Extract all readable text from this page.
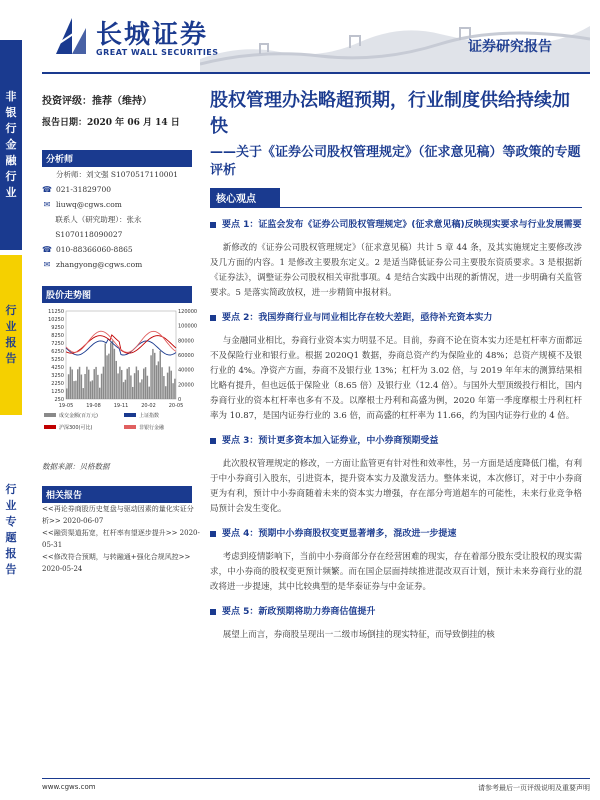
长城证券
GREAT WALL SECURITIES	证券研究报告
非
银
行
金
融
行
业
行
业
报
告
行
业
专
题
报
告
投资评级：推荐（维持）
报告日期：2020 年 06 月 14 日
分析师
分析师：刘文强 S1070517110001
☎ 021-31829700
✉ liuwq@cgws.com
联系人（研究助理）：张永 S1070118090027
☎ 010-88366060-8865
✉ zhangyong@cgws.com
股价走势图
11250
10250
9250
8250
7250
6250
5250
4250
3250
2250
1250
250
120000
100000
80000
60000
40000
20000
0
19-05	19-08	19-11	20-02	20-05
成交金额(百万元)	上证指数
沪深300(可比)	非银行金融
数据来源：贝格数据
相关报告

<<再论券商股历史复盘与驱动因素的量化实证分析>> 2020-06-07

<<融资渠道拓宽，杠杆率有望逐步提升>> 2020-05-31

<<修改符合预期，与转融通+强化合规风控>> 2020-05-24

股权管理办法略超预期，行业制度供给持续加快
——关于《证券公司股权管理规定》（征求意见稿）等政策的专题评析
核心观点
要点 1：证监会发布《证券公司股权管理规定》(征求意见稿)反映现实要求与行业发展需要
新修改的《证券公司股权管理规定》（征求意见稿）共计 5 章 44 条，及其实施规定主要修改涉及几方面的内容。1 是修改主要股东定义。2 是适当降低证券公司主要股东资质要求。3 是根据新《证券法》，调整证券公司股权相关审批事项。4 是结合实践中出现的新情况，进一步明确有关监管要求。5 是落实简政放权，进一步精简申报材料。
要点 2：我国券商行业与同业相比存在较大差距，亟待补充资本实力
与金融同业相比，券商行业资本实力明显不足。目前，券商不论在资本实力还是杠杆率方面都远不及保险行业和银行业。根据 2020Q1 数据，券商总资产约为保险业的 48%；总资产规模不及银行业的 4%。净资产方面，券商不及银行业 13%；杠杆为 3.02 倍，与 2019 年年末的测算结果相比略有提升，但也远低于保险业（8.65 倍）及银行业（12.4 倍）。与国外大型顶级投行相比，国内券商行业的资本杠杆率也多有不及。以摩根士丹利和高盛为例，2020 年第一季度摩根士丹利杠杆率为 10.87，是国内证券行业的 3.6 倍，而高盛的杠杆率为 11.66，约为国内证券行业的 4 倍。
要点 3：预计更多资本加入证券业，中小券商预期受益
此次股权管理规定的修改，一方面让监管更有针对性和效率性，另一方面是适度降低门槛，有利于中小券商引入股东，引进资本，提升资本实力及激发活力。整体来说，本次修订，对于中小券商更为有利，预计中小券商随着未来的资本实力增强，存在部分弯道超车的可能性，未来行业竞争格局预计会发生变化。
要点 4：预期中小券商股权变更显著增多，混改进一步提速
考虑到疫情影响下，当前中小券商部分存在经营困难的现实，存在着部分股东受让股权的现实需求，中小券商的股权变更预计频繁。而在国企层面持续推进混改双百计划，预计未来券商行业的混改将进一步提速，其中比较典型的是华泰证券与中金证券。
要点 5：新政预期将助力券商估值提升
展望上而言，券商股呈现出一二级市场倒挂的现实特征，而导致倒挂的核
www.cgws.com	请参考最后一页评级说明及重要声明
